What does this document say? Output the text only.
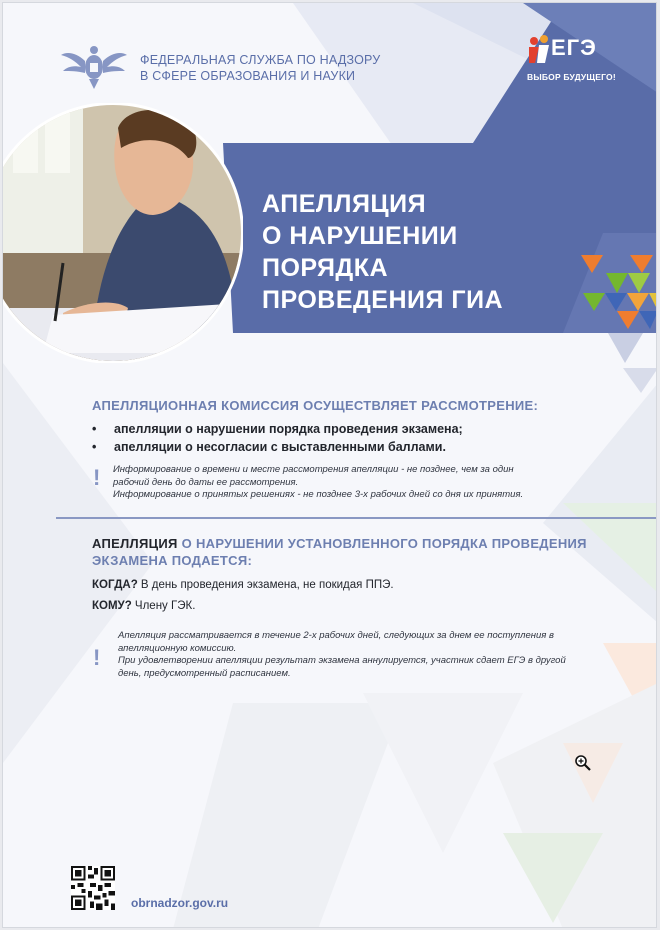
ФЕДЕРАЛЬНАЯ СЛУЖБА ПО НАДЗОРУ
В СФЕРЕ ОБРАЗОВАНИЯ И НАУКИ
ЕГЭ
ВЫБОР БУДУЩЕГО!
АПЕЛЛЯЦИЯ
О НАРУШЕНИИ
ПОРЯДКА
ПРОВЕДЕНИЯ ГИА
АПЕЛЛЯЦИОННАЯ КОМИССИЯ ОСУЩЕСТВЛЯЕТ РАССМОТРЕНИЕ:
• апелляции о нарушении порядка проведения экзамена;
• апелляции о несогласии с выставленными баллами.
! Информирование о времени и месте рассмотрения апелляции - не позднее, чем за один
рабочий день до даты ее рассмотрения.
Информирование о принятых решениях - не позднее 3-х рабочих дней со дня их принятия.
АПЕЛЛЯЦИЯ О НАРУШЕНИИ УСТАНОВЛЕННОГО ПОРЯДКА ПРОВЕДЕНИЯ
ЭКЗАМЕНА ПОДАЕТСЯ:
КОГДА? В день проведения экзамена, не покидая ППЭ.
КОМУ? Члену ГЭК.
!
Апелляция рассматривается в течение 2-х рабочих дней, следующих за днем ее поступления в
апелляционную комиссию.
При удовлетворении апелляции результат экзамена аннулируется, участник сдает ЕГЭ в другой
день, предусмотренный расписанием.
obrnadzor.gov.ru
